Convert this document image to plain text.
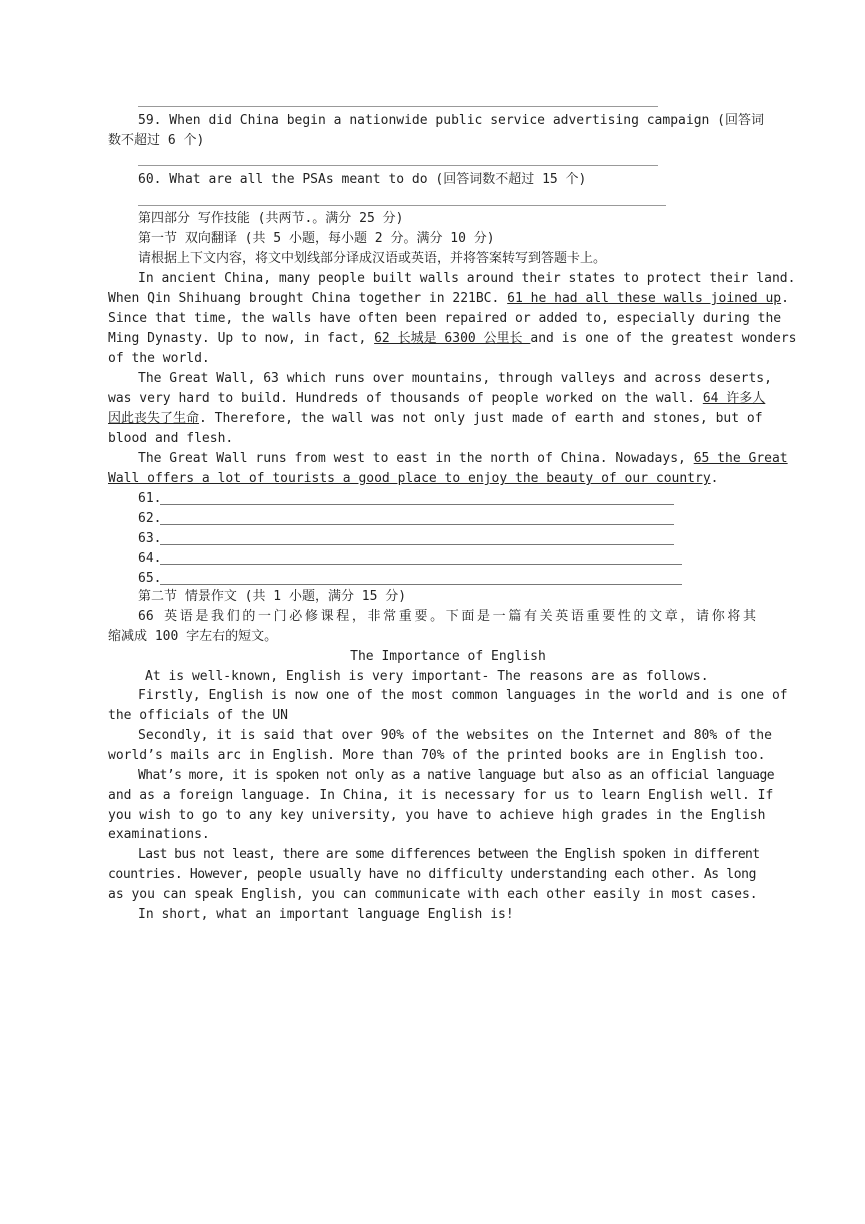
59. When did China begin a nationwide public service advertising campaign (回答词
数不超过 6 个)
60. What are all the PSAs meant to do (回答词数不超过 15 个)
第四部分 写作技能 (共两节.。满分 25 分)
第一节 双向翻译 (共 5 小题，每小题 2 分。满分 10 分)
请根据上下文内容，将文中划线部分译成汉语或英语，并将答案转写到答题卡上。
In ancient China, many people built walls around their states to protect their land.
When Qin Shihuang brought China together in 221BC. 61 he had all these walls joined up.
Since that time, the walls have often been repaired or added to, especially during the
Ming Dynasty. Up to now, in fact, 62 长城是 6300 公里长 and is one of the greatest wonders
of the world.
The Great Wall, 63 which runs over mountains, through valleys and across deserts,
was very hard to build. Hundreds of thousands of people worked on the wall. 64 许多人
因此丧失了生命. Therefore, the wall was not only just made of earth and stones, but of
blood and flesh.
The Great Wall runs from west to east in the north of China. Nowadays, 65 the Great
Wall offers a lot of tourists a good place to enjoy the beauty of our country.
61.
62.
63.
64.
65.
第二节 情景作文 (共 1 小题，满分 15 分)
66 英语是我们的一门必修课程，非常重要。下面是一篇有关英语重要性的文章，请你将其
缩减成 100 字左右的短文。
The Importance of English
At is well-known, English is very important- The reasons are as follows.
Firstly, English is now one of the most common languages in the world and is one of
the officials of the UN
Secondly, it is said that over 90% of the websites on the Internet and 80% of the
world’s mails arc in English. More than 70% of the printed books are in English too.
What’s more, it is spoken not only as a native language but also as an official language
and as a foreign language. In China, it is necessary for us to learn English well. If
you wish to go to any key university, you have to achieve high grades in the English
examinations.
Last bus not least, there are some differences between the English spoken in different
countries. However, people usually have no difficulty understanding each other. As long
as you can speak English, you can communicate with each other easily in most cases.
In short, what an important language English is!
